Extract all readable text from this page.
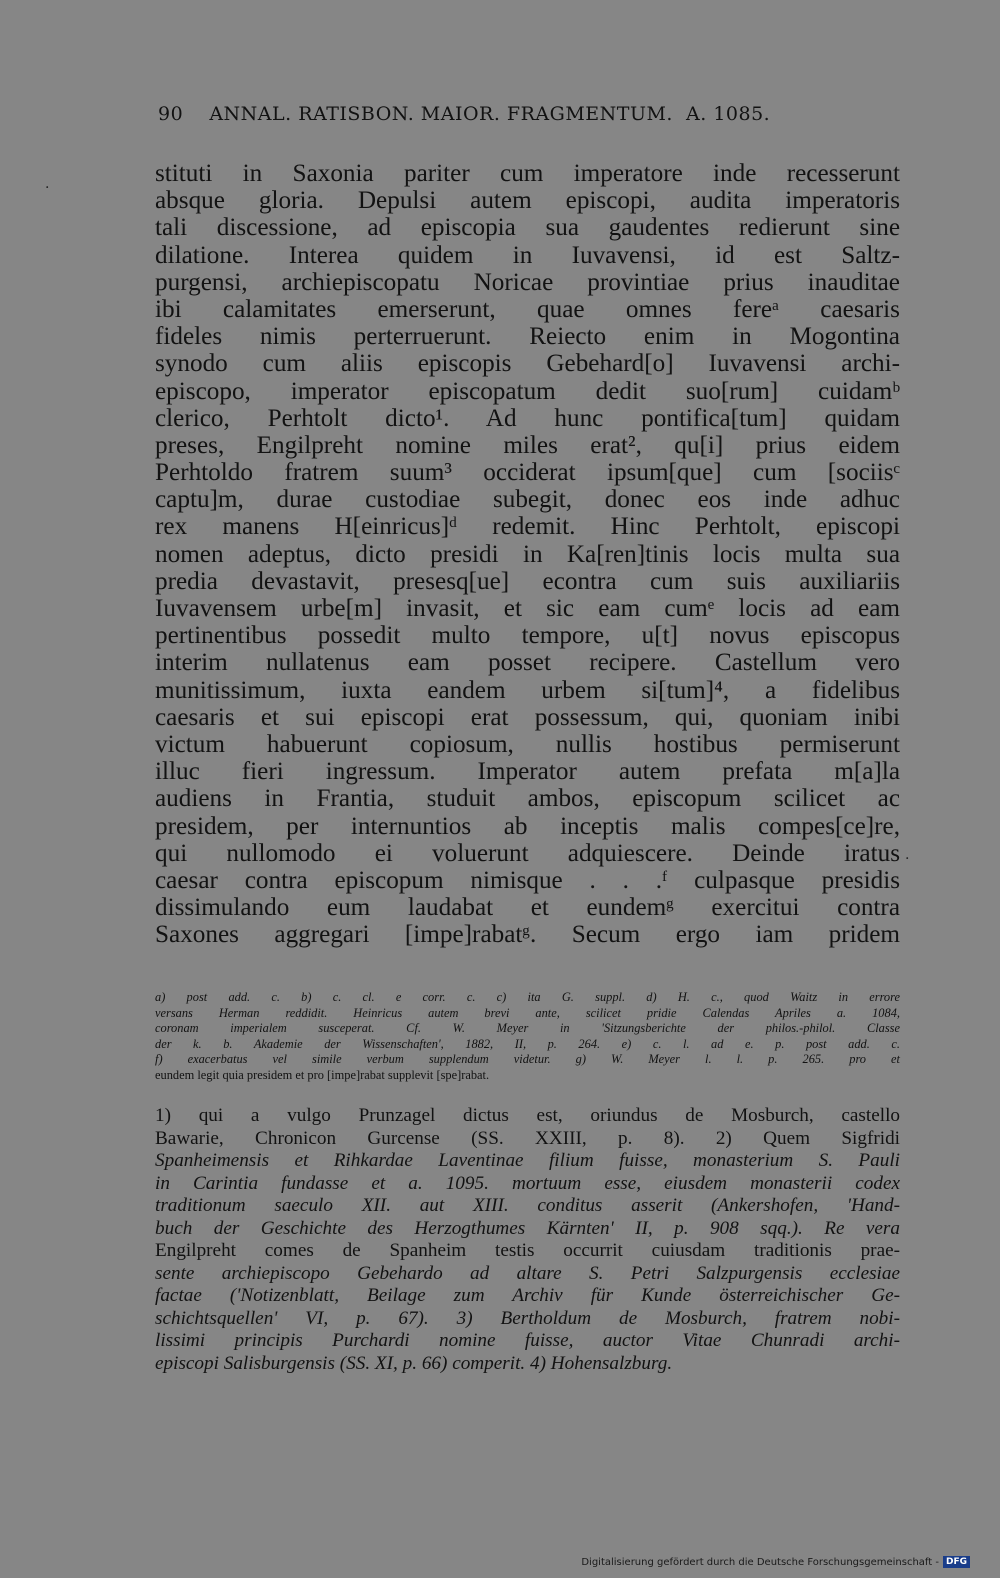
90    ANNAL. RATISBON. MAIOR. FRAGMENTUM.  A. 1085.
·
.
stituti in Saxonia pariter cum imperatore inde recesserunt
absque gloria. Depulsi autem episcopi, audita imperatoris
tali discessione, ad episcopia sua gaudentes redierunt sine
dilatione. Interea quidem in Iuvavensi, id est Saltz-
purgensi, archiepiscopatu Noricae provintiae prius inauditae
ibi calamitates emerserunt, quae omnes fereᵃ caesaris
fideles nimis perterruerunt. Reiecto enim in Mogontina
synodo cum aliis episcopis Gebehard[o] Iuvavensi archi-
episcopo, imperator episcopatum dedit suo[rum] cuidamᵇ
clerico, Perhtolt dicto¹. Ad hunc pontifica[tum] quidam
preses, Engilpreht nomine miles erat², qu[i] prius eidem
Perhtoldo fratrem suum³ occiderat ipsum[que] cum [sociisᶜ
captu]m, durae custodiae subegit, donec eos inde adhuc
rex manens H[einricus]ᵈ redemit. Hinc Perhtolt, episcopi
nomen adeptus, dicto presidi in Ka[ren]tinis locis multa sua
predia devastavit, presesq[ue] econtra cum suis auxiliariis
Iuvavensem urbe[m] invasit, et sic eam cumᵉ locis ad eam
pertinentibus possedit multo tempore, u[t] novus episcopus
interim nullatenus eam posset recipere. Castellum vero
munitissimum, iuxta eandem urbem si[tum]⁴, a fidelibus
caesaris et sui episcopi erat possessum, qui, quoniam inibi
victum habuerunt copiosum, nullis hostibus permiserunt
illuc fieri ingressum. Imperator autem prefata m[a]la
audiens in Frantia, studuit ambos, episcopum scilicet ac
presidem, per internuntios ab inceptis malis compes[ce]re,
qui nullomodo ei voluerunt adquiescere. Deinde iratus
caesar contra episcopum nimisque . . .ᶠ culpasque presidis
dissimulando eum laudabat et eundemᵍ exercitui contra
Saxones aggregari [impe]rabatᵍ. Secum ergo iam pridem
a) post add. c. b) c. cl. e corr. c. c) ita G. suppl. d) H. c., quod Waitz in errore
versans Herman reddidit. Heinricus autem brevi ante, scilicet pridie Calendas Apriles a. 1084,
coronam imperialem susceperat. Cf. W. Meyer in 'Sitzungsberichte der philos.-philol. Classe
der k. b. Akademie der Wissenschaften', 1882, II, p. 264. e) c. l. ad e. p. post add. c.
f) exacerbatus vel simile verbum supplendum videtur. g) W. Meyer l. l. p. 265. pro et
eundem legit quia presidem et pro [impe]rabat supplevit [spe]rabat.
1) qui a vulgo Prunzagel dictus est, oriundus de Mosburch, castello
Bawarie, Chronicon Gurcense (SS. XXIII, p. 8). 2) Quem Sigfridi
Spanheimensis et Rihkardae Laventinae filium fuisse, monasterium S. Pauli
in Carintia fundasse et a. 1095. mortuum esse, eiusdem monasterii codex
traditionum saeculo XII. aut XIII. conditus asserit (Ankershofen, 'Hand-
buch der Geschichte des Herzogthumes Kärnten' II, p. 908 sqq.). Re vera
Engilpreht comes de Spanheim testis occurrit cuiusdam traditionis prae-
sente archiepiscopo Gebehardo ad altare S. Petri Salzpurgensis ecclesiae
factae ('Notizenblatt, Beilage zum Archiv für Kunde österreichischer Ge-
schichtsquellen' VI, p. 67). 3) Bertholdum de Mosburch, fratrem nobi-
lissimi principis Purchardi nomine fuisse, auctor Vitae Chunradi archi-
episcopi Salisburgensis (SS. XI, p. 66) comperit. 4) Hohensalzburg.
Digitalisierung gefördert durch die Deutsche Forschungsgemeinschaft - DFG
